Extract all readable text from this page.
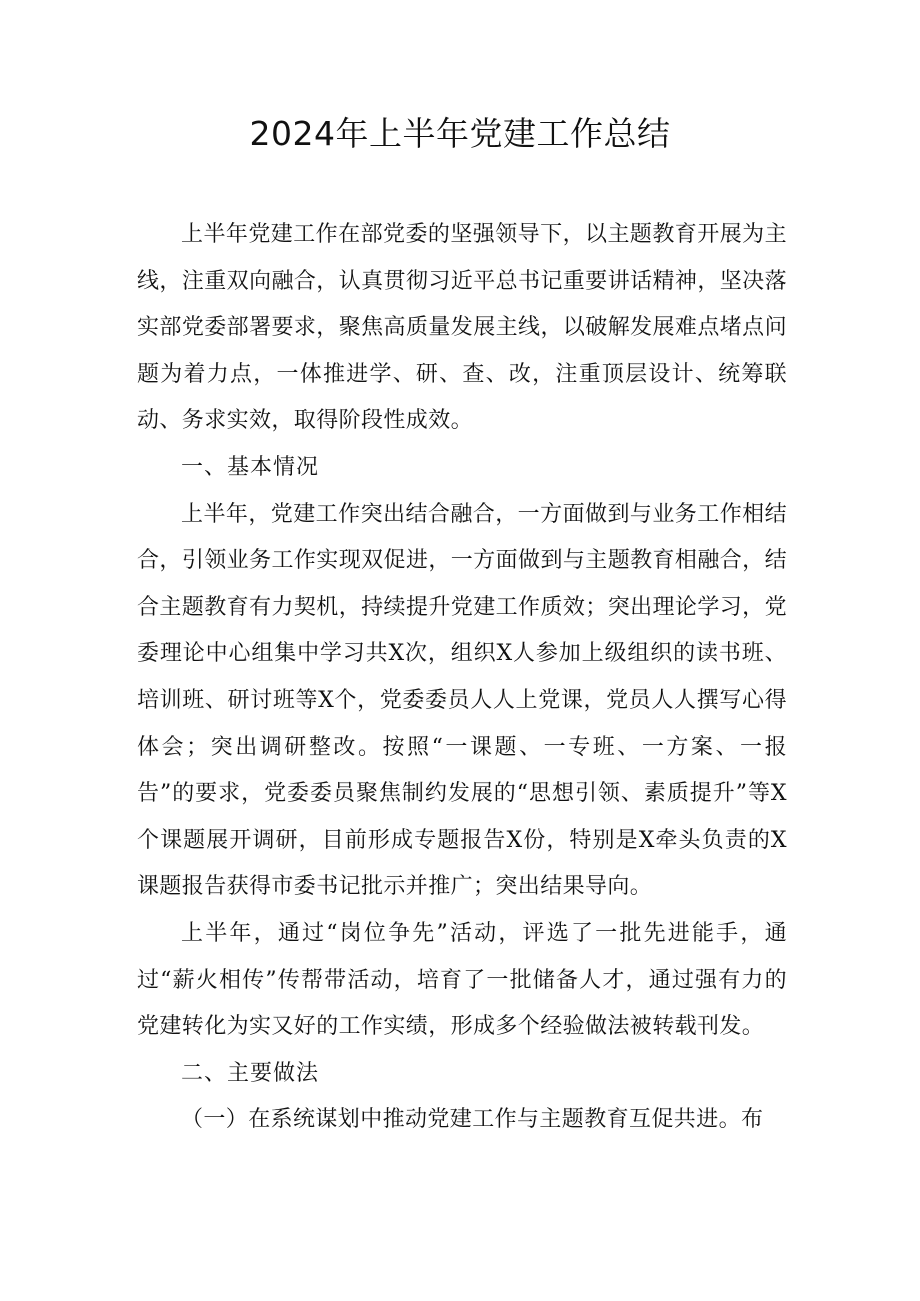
2024年上半年党建工作总结

上半年党建工作在部党委的坚强领导下，以主题教育开展为主线，注重双向融合，认真贯彻习近平总书记重要讲话精神，坚决落实部党委部署要求，聚焦高质量发展主线，以破解发展难点堵点问题为着力点，一体推进学、研、查、改，注重顶层设计、统筹联动、务求实效，取得阶段性成效。

一、基本情况

上半年，党建工作突出结合融合，一方面做到与业务工作相结合，引领业务工作实现双促进，一方面做到与主题教育相融合，结合主题教育有力契机，持续提升党建工作质效；突出理论学习，党委理论中心组集中学习共X次，组织X人参加上级组织的读书班、培训班、研讨班等X个，党委委员人人上党课，党员人人撰写心得体会；突出调研整改。按照“一课题、一专班、一方案、一报告”的要求，党委委员聚焦制约发展的“思想引领、素质提升”等X个课题展开调研，目前形成专题报告X份，特别是X牵头负责的X课题报告获得市委书记批示并推广；突出结果导向。

上半年，通过“岗位争先”活动，评选了一批先进能手，通过“薪火相传”传帮带活动，培育了一批储备人才，通过强有力的党建转化为实又好的工作实绩，形成多个经验做法被转载刊发。

二、主要做法

（一）在系统谋划中推动党建工作与主题教育互促共进。布
